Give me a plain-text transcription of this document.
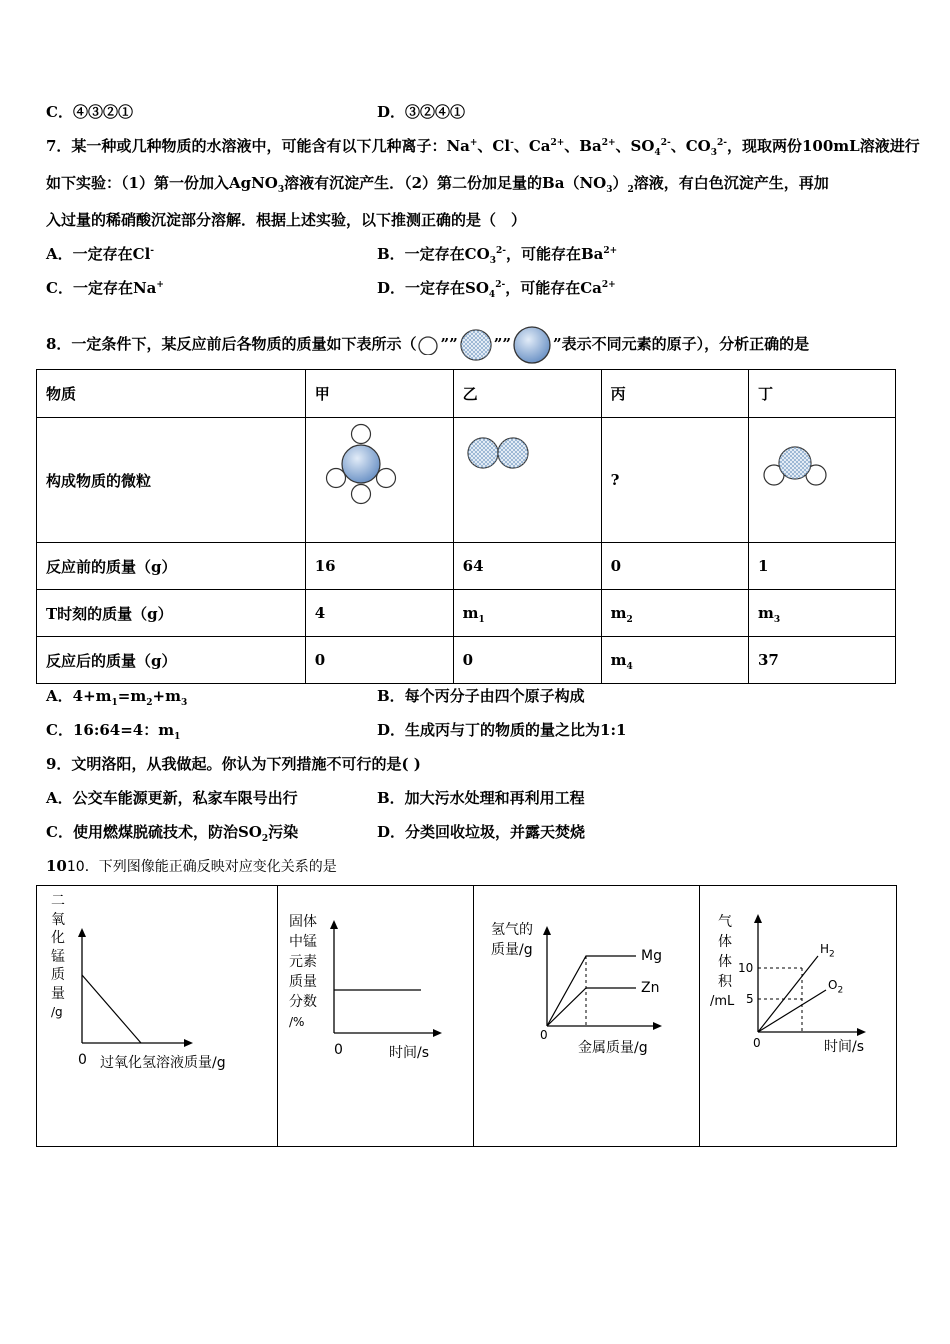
C．④③②①	D．③②④①
7．某一种或几种物质的水溶液中，可能含有以下几种离子：Na+、Cl-、$Ca^{2+}$、$Ba^{2+}$、$SO_4^{2-}$、$CO_3^{2-}$，现取两份100mL溶液进行
如下实验：（1）第一份加入AgNO$_3$溶液有沉淀产生．（2）第二份加足量的$Ba(NO_3)_2$溶液，有白色沉淀产生，再加
入过量的稀硝酸沉淀部分溶解．根据上述实验，以下推测正确的是（　）
A．一定存在Cl-	B．一定存在$CO_3^{2-}$，可能存在$Ba^{2+}$
C．一定存在Na+	D．一定存在$SO_4^{2-}$，可能存在$Ca^{2+}$
8．一定条件下，某反应前后各物质的质量如下表所示（ ”” ””	”表示不同元素的原子），分析正确的是
物质	甲	乙	丙	丁
构成物质的微粒			?	
反应前的质量（g）	16	64	0	1
T时刻的质量（g）	4	$m_1$	$m_2$	$m_3$
反应后的质量（g）	0	0	$m_4$	37
A．$4+m_1=m_2+m_3$	B．每个丙分子由四个原子构成
C．16:64=4：$m_1$	D．生成丙与丁的物质的量之比为1:1
9．文明洛阳，从我做起。你认为下列措施不可行的是( )
A．公交车能源更新，私家车限号出行	B．加大污水处理和再利用工程
C．使用燃煤脱硫技术，防治$SO_2$污染	D．分类回收垃圾，并露天焚烧
1010．下列图像能正确反映对应变化关系的是
二
氧
化
锰
质
量
/g
0 过氧化氢溶液质量/g
固体
中锰
元素
质量
分数
/%
0	时间/s
氢气的
质量/g	Mg
Zn
0
金属质量/g
气
体
体
积
/mL
10
5
$H_2$
$O_2$
0	时间/s
